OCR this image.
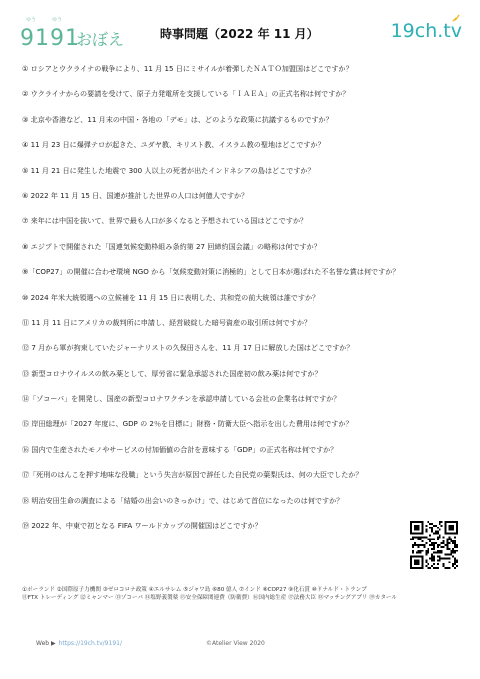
ゆう	ゆう
9191
おぼえ	時事問題（2022 年 11 月）	19ch.tv
① ロシアとウクライナの戦争により、11 月 15 日にミサイルが着弾したＮＡＴＯ加盟国はどこですか？
② ウクライナからの要請を受けて、原子力発電所を支援している「ＩＡＥＡ」の正式名称は何ですか？
③ 北京や香港など、11 月末の中国・各地の「デモ」は、どのような政策に抗議するものですか？
④ 11 月 23 日に爆弾テロが起きた、ユダヤ教、キリスト教、イスラム教の聖地はどこですか？
⑤ 11 月 21 日に発生した地震で 300 人以上の死者が出たインドネシアの島はどこですか？
⑥ 2022 年 11 月 15 日、国連が推計した世界の人口は何億人ですか？
⑦ 来年には中国を抜いて、世界で最も人口が多くなると予想されている国はどこですか？
⑧ エジプトで開催された「国連気候変動枠組み条約第 27 回締約国会議」の略称は何ですか？
⑨「COP27」の開催に合わせ環境 NGO から「気候変動対策に消極的」として日本が選ばれた不名誉な賞は何ですか？
⑩ 2024 年米大統領選への立候補を 11 月 15 日に表明した、共和党の前大統領は誰ですか？
⑪ 11 月 11 日にアメリカの裁判所に申請し、経営破綻した暗号資産の取引所は何ですか？
⑫ 7 月から軍が拘束していたジャーナリストの久保田さんを、11 月 17 日に解放した国はどこですか？
⑬ 新型コロナウイルスの飲み薬として、厚労省に緊急承認された国産初の飲み薬は何ですか？
⑭「ゾコーバ」を開発し、国産の新型コロナワクチンを承認申請している会社の企業名は何ですか？
⑮ 岸田総理が「2027 年度に、GDP の 2％を目標に」財務・防衛大臣へ指示を出した費用は何ですか？
⑯ 国内で生産されたモノやサービスの付加価値の合計を意味する「GDP」の正式名称は何ですか？
⑰「死刑のはんこを押す地味な役職」という失言が原因で辞任した自民党の葉梨氏は、何の大臣でしたか？
⑱ 明治安田生命の調査による「結婚の出会いのきっかけ」で、はじめて首位になったのは何ですか？
⑲ 2022 年、中東で初となる FIFA ワールドカップの開催国はどこですか？
①ポーランド ②国際原子力機関 ③ゼロコロナ政策 ④エルサレム ⑤ジャワ島 ⑥80 億人 ⑦インド ⑧COP27 ⑨化石賞 ⑩ドナルド・トランプ
⑪FTX トレーディング ⑫ミャンマー ⑬ゾコーバ ⑭塩野義製薬 ⑮安全保障関連費（防衛費）⑯国内総生産 ⑰法務大臣 ⑱マッチングアプリ ⑲カタール
Web ▶ https://19ch.tv/9191/	©Atelier View 2020
